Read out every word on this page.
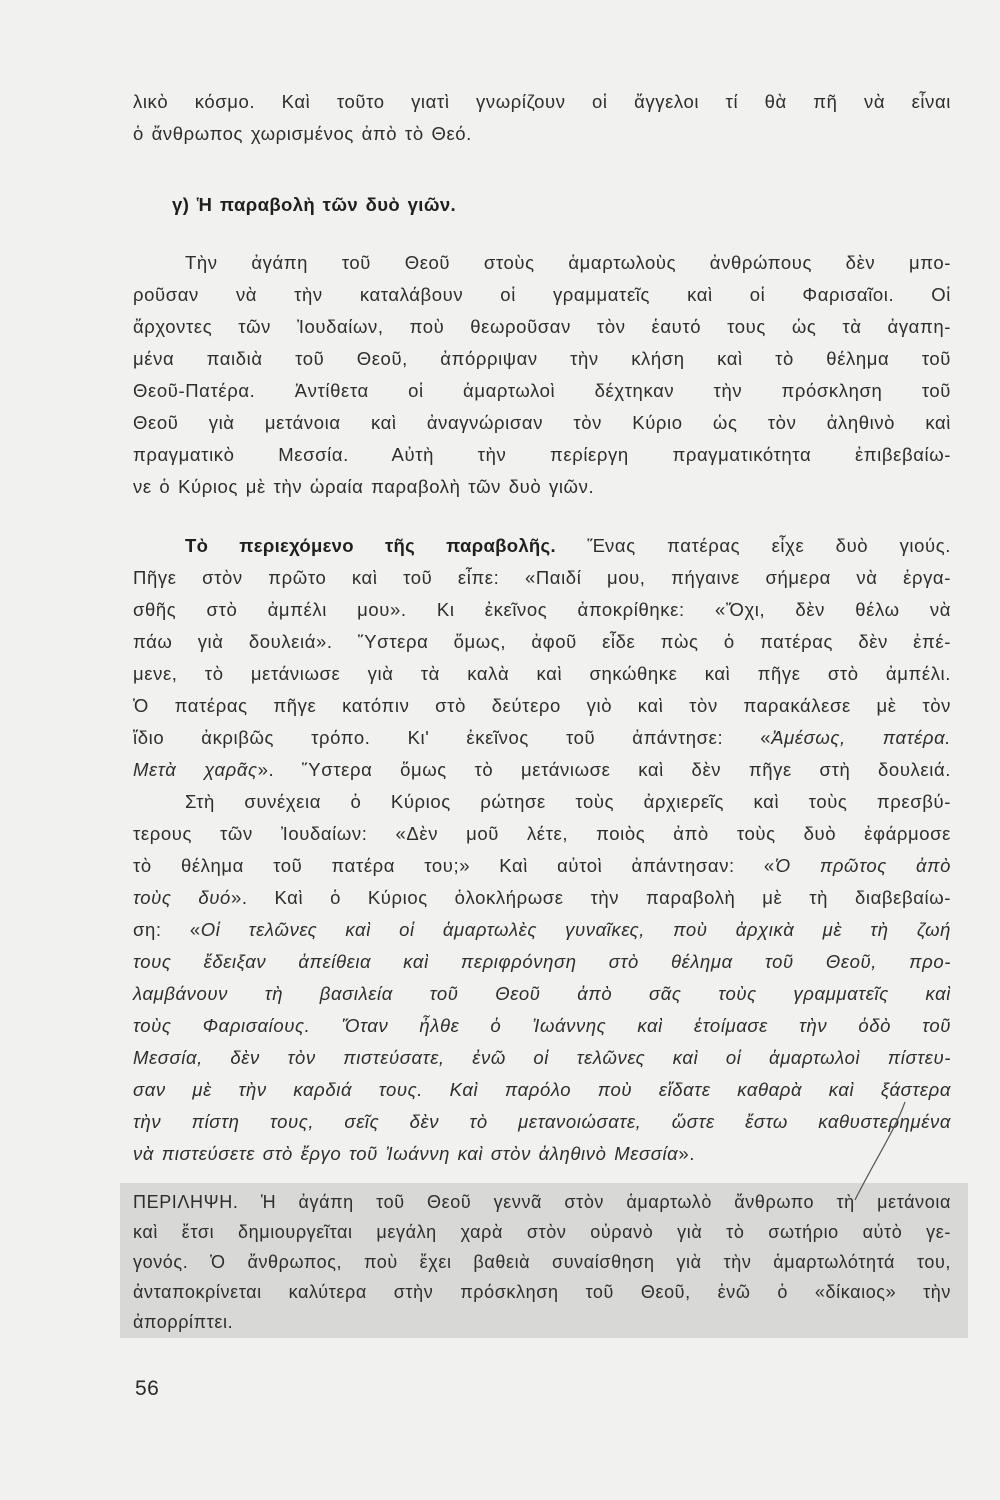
λικὸ κόσμο. Καὶ τοῦτο γιατὶ γνωρίζουν οἱ ἄγγελοι τί θὰ πῆ νὰ εἶναι
ὁ ἄνθρωπος χωρισμένος ἀπὸ τὸ Θεό.
γ) Ἡ παραβολὴ τῶν δυὸ γιῶν.
Τὴν ἀγάπη τοῦ Θεοῦ στοὺς ἁμαρτωλοὺς ἀνθρώπους δὲν μπο-
ροῦσαν νὰ τὴν καταλάβουν οἱ γραμματεῖς καὶ οἱ Φαρισαῖοι. Οἱ
ἄρχοντες τῶν Ἰουδαίων, ποὺ θεωροῦσαν τὸν ἑαυτό τους ὡς τὰ ἀγαπη-
μένα παιδιὰ τοῦ Θεοῦ, ἀπόρριψαν τὴν κλήση καὶ τὸ θέλημα τοῦ
Θεοῦ-Πατέρα. Ἀντίθετα οἱ ἁμαρτωλοὶ δέχτηκαν τὴν πρόσκληση τοῦ
Θεοῦ γιὰ μετάνοια καὶ ἀναγνώρισαν τὸν Κύριο ὡς τὸν ἀληθινὸ καὶ
πραγματικὸ Μεσσία. Αὐτὴ τὴν περίεργη πραγματικότητα ἐπιβεβαίω-
νε ὁ Κύριος μὲ τὴν ὡραία παραβολὴ τῶν δυὸ γιῶν.
Τὸ περιεχόμενο τῆς παραβολῆς. Ἕνας πατέρας εἶχε δυὸ γιούς.
Πῆγε στὸν πρῶτο καὶ τοῦ εἶπε: «Παιδί μου, πήγαινε σήμερα νὰ ἐργα-
σθῆς στὸ ἀμπέλι μου». Κι ἐκεῖνος ἀποκρίθηκε: «Ὄχι, δὲν θέλω νὰ
πάω γιὰ δουλειά». Ὕστερα ὅμως, ἀφοῦ εἶδε πὼς ὁ πατέρας δὲν ἐπέ-
μενε, τὸ μετάνιωσε γιὰ τὰ καλὰ καὶ σηκώθηκε καὶ πῆγε στὸ ἀμπέλι.
Ὁ πατέρας πῆγε κατόπιν στὸ δεύτερο γιὸ καὶ τὸν παρακάλεσε μὲ τὸν
ἴδιο ἀκριβῶς τρόπο. Κι' ἐκεῖνος τοῦ ἀπάντησε: «Ἀμέσως, πατέρα.
Μετὰ χαρᾶς». Ὕστερα ὅμως τὸ μετάνιωσε καὶ δὲν πῆγε στὴ δουλειά.
Στὴ συνέχεια ὁ Κύριος ρώτησε τοὺς ἀρχιερεῖς καὶ τοὺς πρεσβύ-
τερους τῶν Ἰουδαίων: «Δὲν μοῦ λέτε, ποιὸς ἀπὸ τοὺς δυὸ ἐφάρμοσε
τὸ θέλημα τοῦ πατέρα του;» Καὶ αὐτοὶ ἀπάντησαν: «Ὁ πρῶτος ἀπὸ
τοὺς δυό». Καὶ ὁ Κύριος ὁλοκλήρωσε τὴν παραβολὴ μὲ τὴ διαβεβαίω-
ση: «Οἱ τελῶνες καὶ οἱ ἁμαρτωλὲς γυναῖκες, ποὺ ἀρχικὰ μὲ τὴ ζωή
τους ἔδειξαν ἀπείθεια καὶ περιφρόνηση στὸ θέλημα τοῦ Θεοῦ, προ-
λαμβάνουν τὴ βασιλεία τοῦ Θεοῦ ἀπὸ σᾶς τοὺς γραμματεῖς καὶ
τοὺς Φαρισαίους. Ὅταν ἦλθε ὁ Ἰωάννης καὶ ἑτοίμασε τὴν ὁδὸ τοῦ
Μεσσία, δὲν τὸν πιστεύσατε, ἐνῶ οἱ τελῶνες καὶ οἱ ἁμαρτωλοὶ πίστευ-
σαν μὲ τὴν καρδιά τους. Καὶ παρόλο ποὺ εἴδατε καθαρὰ καὶ ξάστερα
τὴν πίστη τους, σεῖς δὲν τὸ μετανοιώσατε, ὥστε ἔστω καθυστερημένα
νὰ πιστεύσετε στὸ ἔργο τοῦ Ἰωάννη καὶ στὸν ἀληθινὸ Μεσσία».
ΠΕΡΙΛΗΨΗ. Ἡ ἀγάπη τοῦ Θεοῦ γεννᾶ στὸν ἁμαρτωλὸ ἄνθρωπο τὴ μετάνοια
καὶ ἔτσι δημιουργεῖται μεγάλη χαρὰ στὸν οὐρανὸ γιὰ τὸ σωτήριο αὐτὸ γε-
γονός. Ὁ ἄνθρωπος, ποὺ ἔχει βαθειὰ συναίσθηση γιὰ τὴν ἁμαρτωλότητά του,
ἀνταποκρίνεται καλύτερα στὴν πρόσκληση τοῦ Θεοῦ, ἐνῶ ὁ «δίκαιος» τὴν
ἀπορρίπτει.
56
